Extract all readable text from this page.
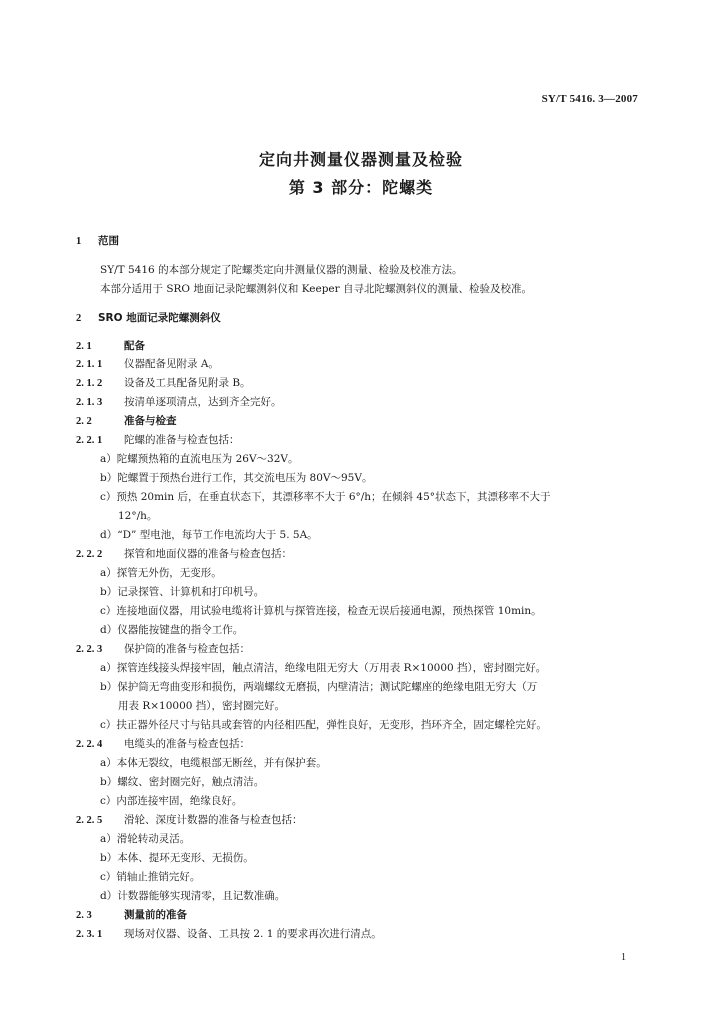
SY/T 5416. 3—2007
定向井测量仪器测量及检验
第 3 部分：陀螺类
1 范围
SY/T 5416 的本部分规定了陀螺类定向井测量仪器的测量、检验及校准方法。
本部分适用于 SRO 地面记录陀螺测斜仪和 Keeper 自寻北陀螺测斜仪的测量、检验及校准。
2 SRO 地面记录陀螺测斜仪
2. 1	配备
2. 1. 1 仪器配备见附录 A。
2. 1. 2 设备及工具配备见附录 B。
2. 1. 3 按清单逐项清点，达到齐全完好。
2. 2	准备与检查
2. 2. 1 陀螺的准备与检查包括：
a）陀螺预热箱的直流电压为 26V～32V。
b）陀螺置于预热台进行工作，其交流电压为 80V～95V。
c）预热 20min 后，在垂直状态下，其漂移率不大于 6°/h；在倾斜 45°状态下，其漂移率不大于
12°/h。
d）“D” 型电池，每节工作电流均大于 5. 5A。
2. 2. 2 探管和地面仪器的准备与检查包括：
a）探管无外伤，无变形。
b）记录探管、计算机和打印机号。
c）连接地面仪器，用试验电缆将计算机与探管连接，检查无误后接通电源，预热探管 10min。
d）仪器能按键盘的指令工作。
2. 2. 3 保护筒的准备与检查包括：
a）探管连线接头焊接牢固，触点清洁，绝缘电阻无穷大（万用表 R×10000 挡），密封圈完好。
b）保护筒无弯曲变形和损伤，两端螺纹无磨损，内壁清洁；测试陀螺座的绝缘电阻无穷大（万
用表 R×10000 挡），密封圈完好。
c）扶正器外径尺寸与钻具或套管的内径相匹配，弹性良好，无变形，挡环齐全，固定螺栓完好。
2. 2. 4 电缆头的准备与检查包括：
a）本体无裂纹，电缆根部无断丝，并有保护套。
b）螺纹、密封圈完好，触点清洁。
c）内部连接牢固，绝缘良好。
2. 2. 5 滑轮、深度计数器的准备与检查包括：
a）滑轮转动灵活。
b）本体、提环无变形、无损伤。
c）销轴止推销完好。
d）计数器能够实现清零，且记数准确。
2. 3	测量前的准备
2. 3. 1 现场对仪器、设备、工具按 2. 1 的要求再次进行清点。
1
